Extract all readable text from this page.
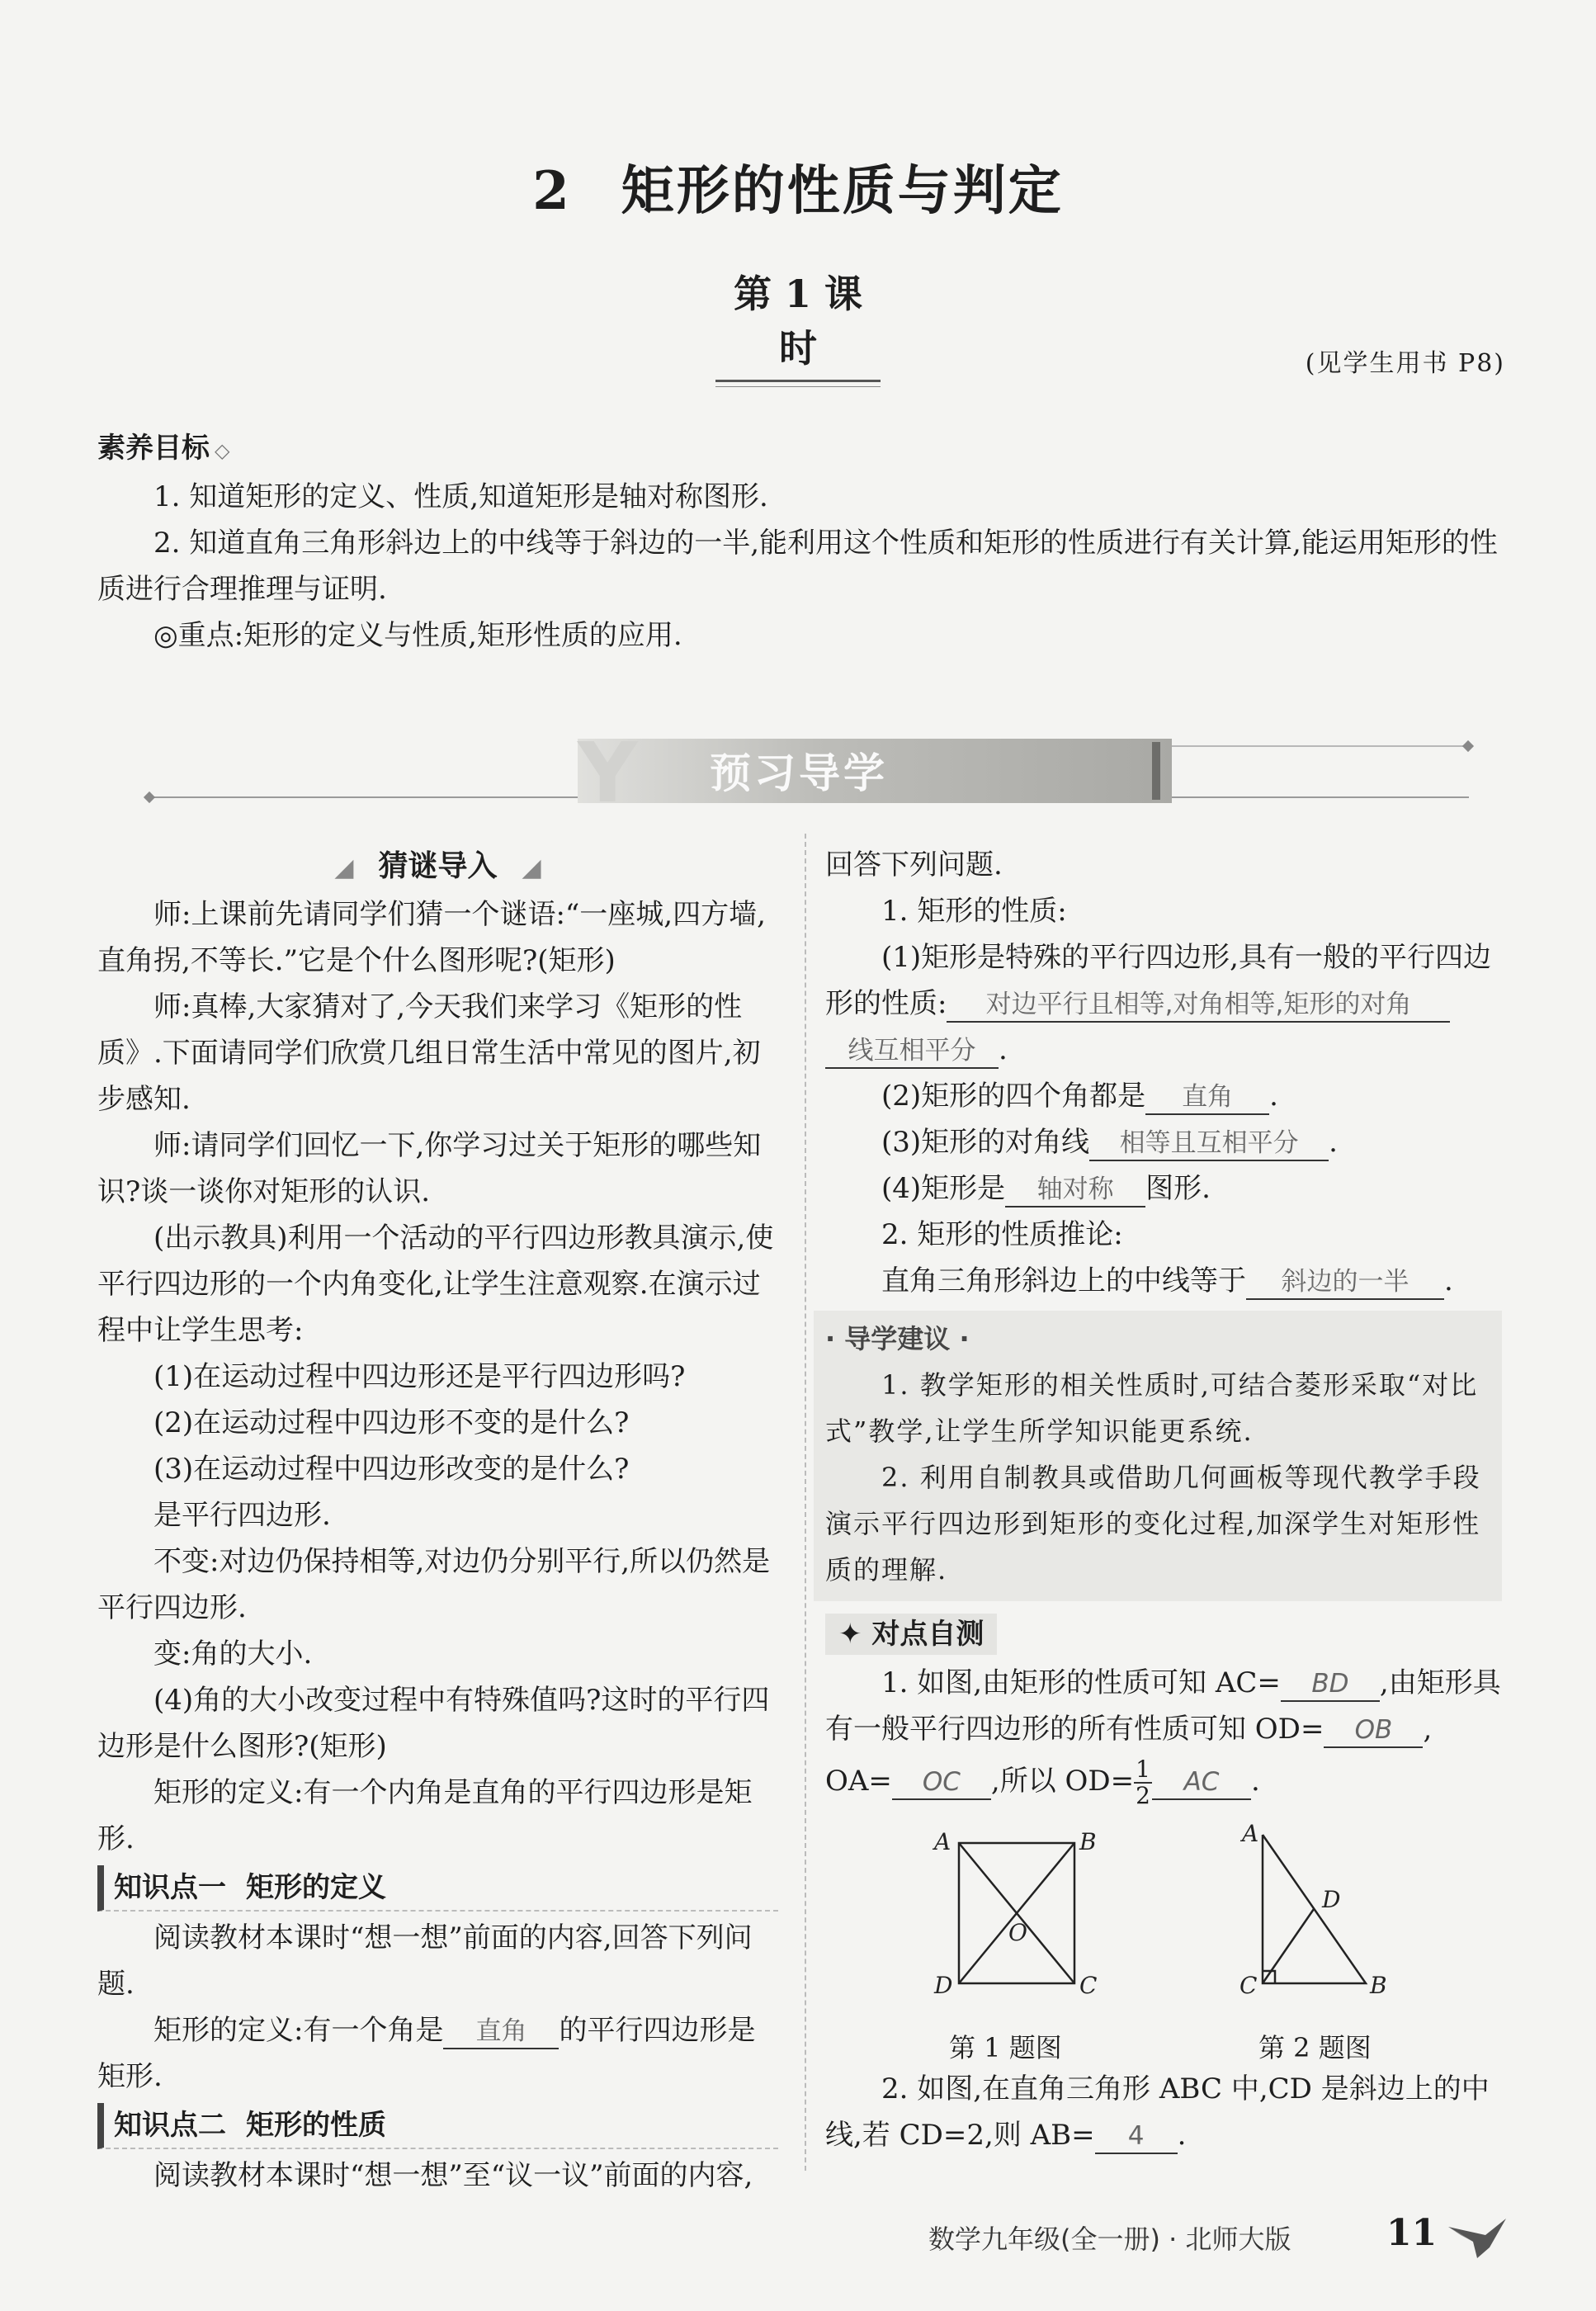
2 矩形的性质与判定
第 1 课时	(见学生用书 P8)
素养目标 ◇

1. 知道矩形的定义、性质,知道矩形是轴对称图形.

2. 知道直角三角形斜边上的中线等于斜边的一半,能利用这个性质和矩形的性质进行有关计算,能运用矩形的性质进行合理推理与证明.

◎重点:矩形的定义与性质,矩形性质的应用.

Y 预习导学
◢ 猜谜导入 ◢

师:上课前先请同学们猜一个谜语:“一座城,四方墙,直角拐,不等长.”它是个什么图形呢?(矩形)

师:真棒,大家猜对了,今天我们来学习《矩形的性质》.下面请同学们欣赏几组日常生活中常见的图片,初步感知.

师:请同学们回忆一下,你学习过关于矩形的哪些知识?谈一谈你对矩形的认识.

(出示教具)利用一个活动的平行四边形教具演示,使平行四边形的一个内角变化,让学生注意观察.在演示过程中让学生思考:

(1)在运动过程中四边形还是平行四边形吗?

(2)在运动过程中四边形不变的是什么?

(3)在运动过程中四边形改变的是什么?

是平行四边形.

不变:对边仍保持相等,对边仍分别平行,所以仍然是平行四边形.

变:角的大小.

(4)角的大小改变过程中有特殊值吗?这时的平行四边形是什么图形?(矩形)

矩形的定义:有一个内角是直角的平行四边形是矩形.

知识点一 矩形的定义

阅读教材本课时“想一想”前面的内容,回答下列问题.

矩形的定义:有一个角是 直角 的平行四边形是矩形.

知识点二 矩形的性质

阅读教材本课时“想一想”至“议一议”前面的内容,

回答下列问题.

1. 矩形的性质:

(1)矩形是特殊的平行四边形,具有一般的平行四边形的性质: 对边平行且相等,对角相等,矩形的对角
线互相平分 .

(2)矩形的四个角都是 直角 .

(3)矩形的对角线 相等且互相平分 .

(4)矩形是 轴对称 图形.

2. 矩形的性质推论:

直角三角形斜边上的中线等于 斜边的一半 .

· 导学建议 ·

1. 教学矩形的相关性质时,可结合菱形采取“对比式”教学,让学生所学知识能更系统.

2. 利用自制教具或借助几何画板等现代教学手段演示平行四边形到矩形的变化过程,加深学生对矩形性质的理解.

✦ 对点自测

1. 如图,由矩形的性质可知 AC= BD ,由矩形具有一般平行四边形的所有性质可知 OD= OB ,

OA= OC ,所以 $OD= \frac{1}{2}$ AC .

A	B
C
D
O
A
C	B
D
第 1 题图	第 2 题图

2. 如图,在直角三角形 ABC 中,CD 是斜边上的中线,若 CD=2,则 AB= 4 .

数学九年级(全一册) · 北师大版	11
